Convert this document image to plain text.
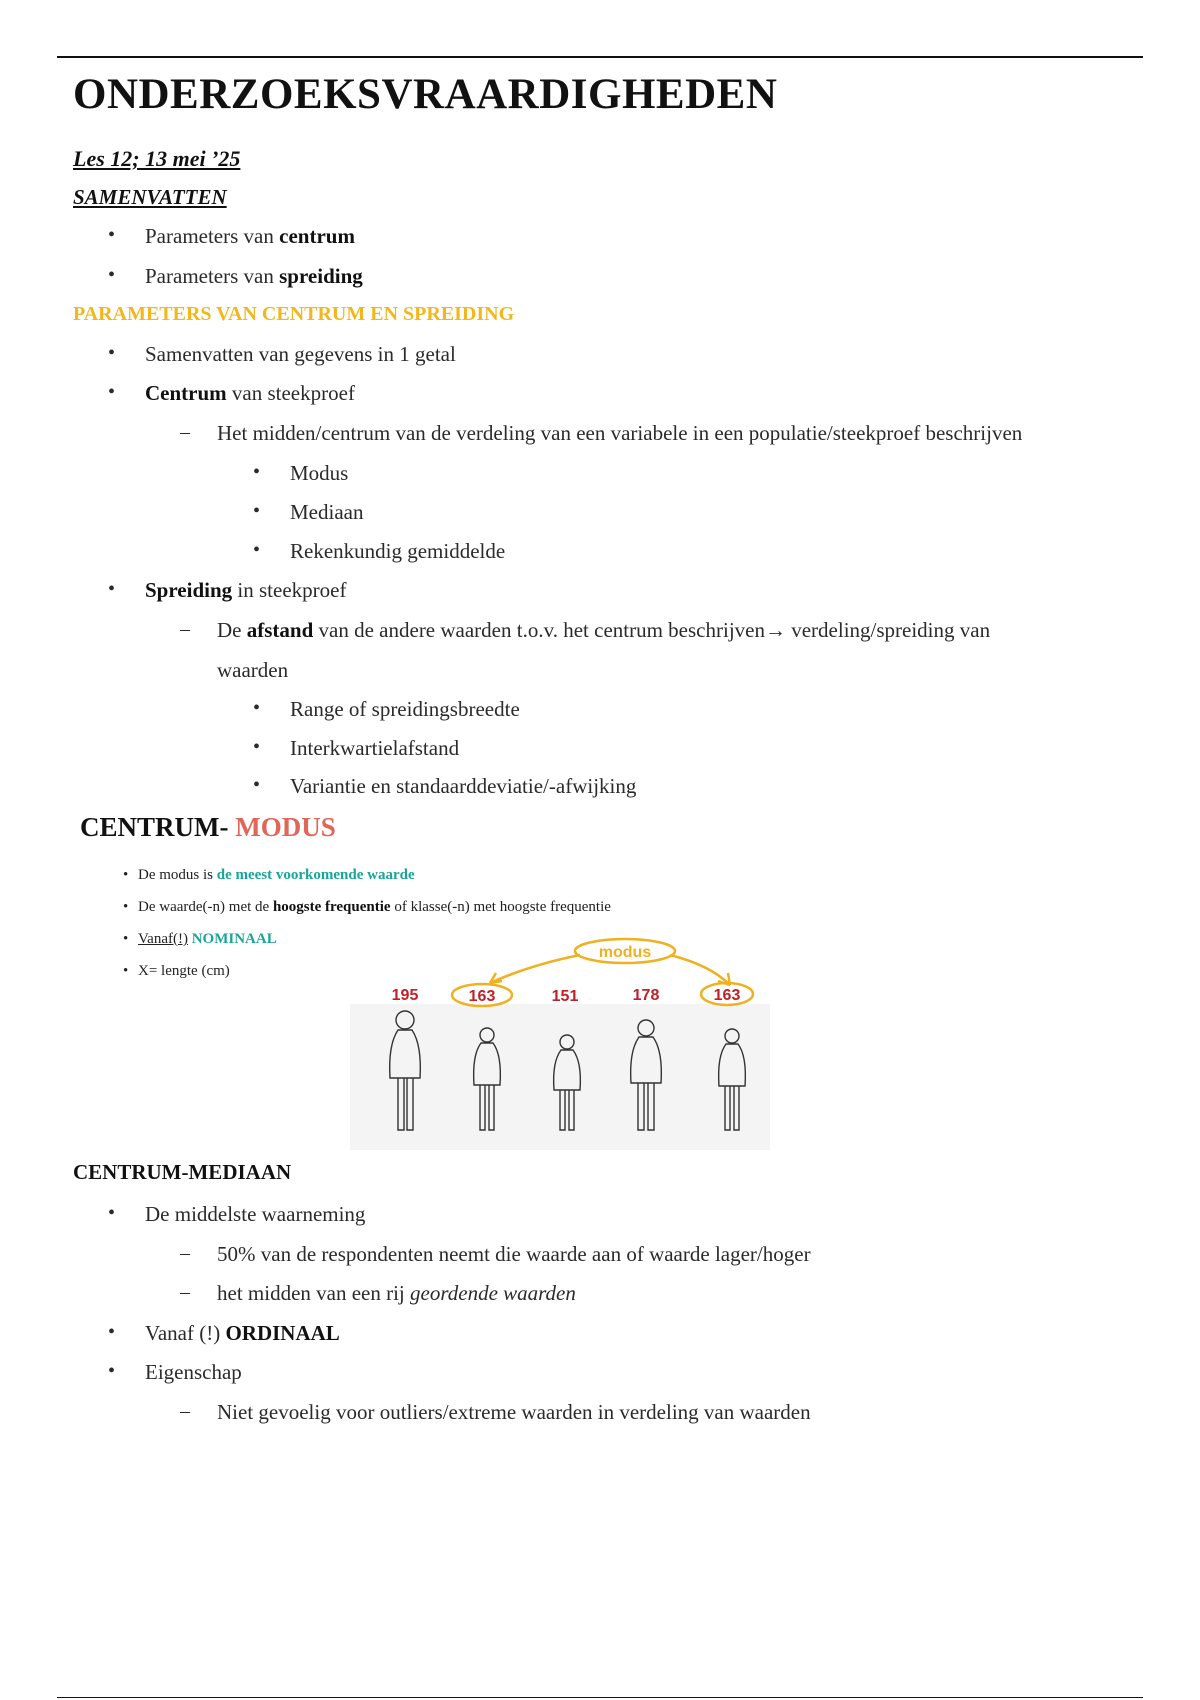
ONDERZOEKSVRAARDIGHEDEN
Les 12; 13 mei ’25
SAMENVATTEN
• Parameters van centrum
• Parameters van spreiding
PARAMETERS VAN CENTRUM EN SPREIDING
• Samenvatten van gegevens in 1 getal
• Centrum van steekproef
– Het midden/centrum van de verdeling van een variabele in een populatie/steekproef beschrijven
• Modus
• Mediaan
• Rekenkundig gemiddelde
• Spreiding in steekproef
– De afstand van de andere waarden t.o.v. het centrum beschrijven→ verdeling/spreiding van
waarden
• Range of spreidingsbreedte
• Interkwartielafstand
• Variantie en standaarddeviatie/-afwijking
CENTRUM- MODUS
• De modus is de meest voorkomende waarde
• De waarde(-n) met de hoogste frequentie of klasse(-n) met hoogste frequentie
• Vanaf(!) NOMINAAL
• X= lengte (cm)
modus
195	163	151	178	163
CENTRUM-MEDIAAN
• De middelste waarneming
– 50% van de respondenten neemt die waarde aan of waarde lager/hoger
– het midden van een rij geordende waarden
• Vanaf (!) ORDINAAL
• Eigenschap
– Niet gevoelig voor outliers/extreme waarden in verdeling van waarden
